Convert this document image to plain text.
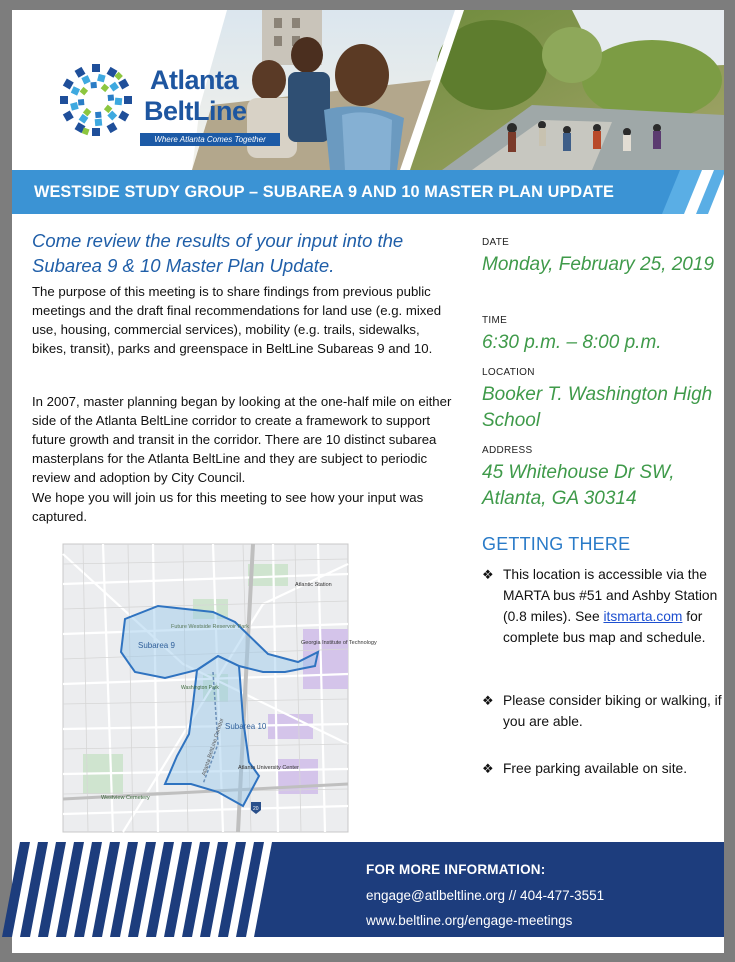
Atlanta
BeltLine
Where Atlanta Comes Together
WESTSIDE STUDY GROUP – SUBAREA 9 AND 10 MASTER PLAN UPDATE

Come review the results of your input into the Subarea 9 & 10 Master Plan Update.

The purpose of this meeting is to share findings from previous public meetings and the draft final recommendations for land use (e.g. mixed use, housing, commercial services), mobility (e.g. trails, sidewalks, bikes, transit), parks and greenspace in BeltLine Subareas 9 and 10.

In 2007, master planning began by looking at the one-half mile on either side of the Atlanta BeltLine corridor to create a framework to support future growth and transit in the corridor. There are 10 distinct subarea masterplans for the Atlanta BeltLine and they are subject to periodic review and adoption by City Council.

We hope you will join us for this meeting to see how your input was captured.

Future Westside Reservoir Park
Subarea 9
Subarea 10
Georgia Institute of Technology
Westview Cemetery
Atlanta University Center
Atlantic Station
Washington Park
Atlanta BeltLine Corridor
20
DATE

Monday, February 25, 2019

TIME

6:30 p.m. – 8:00 p.m.

LOCATION

Booker T. Washington High School

ADDRESS

45 Whitehouse Dr SW, Atlanta, GA 30314

GETTING THERE
❖ This location is accessible via the MARTA bus #51 and Ashby Station (0.8 miles). See itsmarta.com for complete bus map and schedule.
❖ Please consider biking or walking, if you are able.
❖ Free parking available on site.
FOR MORE INFORMATION:
engage@atlbeltline.org // 404-477-3551
www.beltline.org/engage-meetings
